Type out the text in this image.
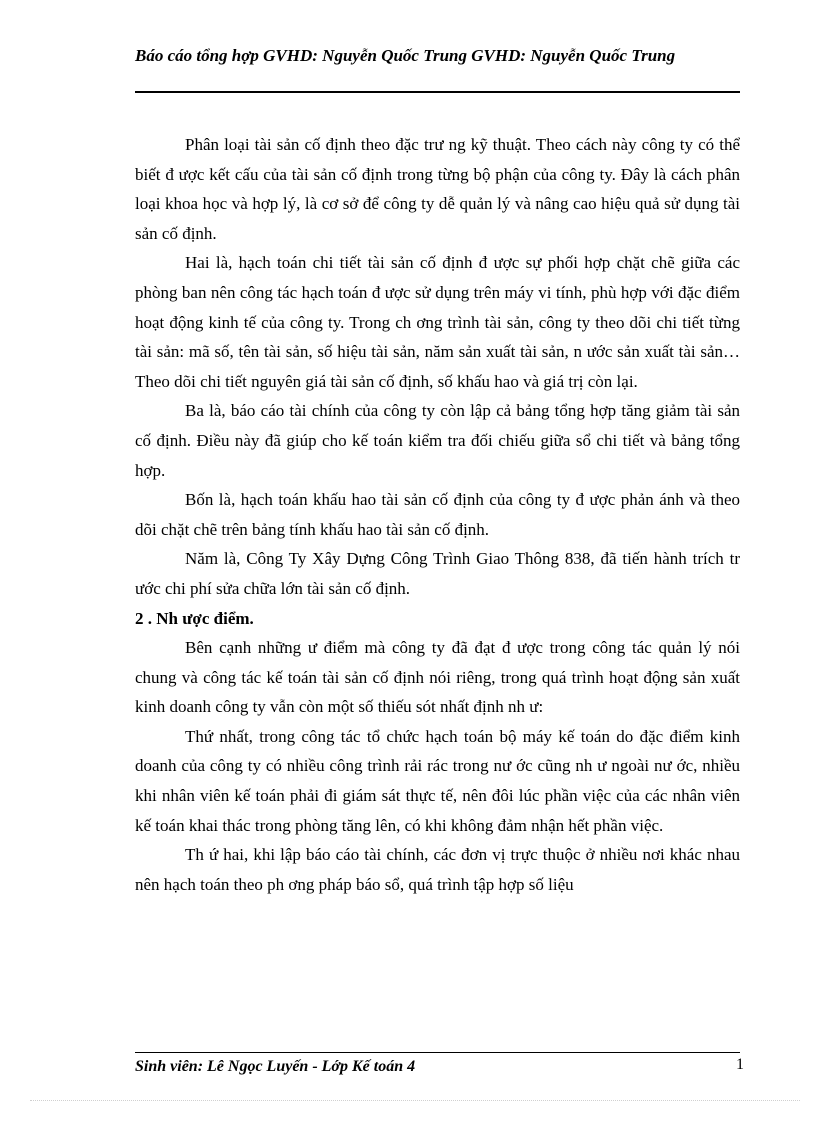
Báo cáo tổng hợp GVHD: Nguyễn Quốc Trung GVHD: Nguyễn Quốc Trung

Phân loại tài sản cố định theo đặc trư ng kỹ thuật. Theo cách này công ty có thể biết đ ược kết cấu của tài sản cố định trong từng bộ phận của công ty. Đây là cách phân loại khoa học và hợp lý, là cơ sở để công ty dễ quản lý và nâng cao hiệu quả sử dụng tài sản cố định.

Hai là, hạch toán chi tiết tài sản cố định đ ược sự phối hợp chặt chẽ giữa các phòng ban nên công tác hạch toán đ ược sử dụng trên máy vi tính, phù hợp với đặc điểm hoạt động kinh tế của công ty. Trong ch ơng trình tài sản, công ty theo dõi chi tiết từng tài sản: mã số, tên tài sản, số hiệu tài sản, năm sản xuất tài sản, n ước sản xuất tài sản…Theo dõi chi tiết nguyên giá tài sản cố định, số khấu hao và giá trị còn lại.

Ba là, báo cáo tài chính của công ty còn lập cả bảng tổng hợp tăng giảm tài sản cố định. Điều này đã giúp cho kế toán kiểm tra đối chiếu giữa sổ chi tiết và bảng tổng hợp.

Bốn là, hạch toán khấu hao tài sản cố định của công ty đ ược phản ánh và theo dõi chặt chẽ trên bảng tính khấu hao tài sản cố định.

Năm là, Công Ty Xây Dựng Công Trình Giao Thông 838, đã tiến hành trích tr ước chi phí sửa chữa lớn tài sản cố định.

2 . Nh ược điểm.

Bên cạnh những ư điểm mà công ty đã đạt đ ược trong công tác quản lý nói chung và công tác kế toán tài sản cố định nói riêng, trong quá trình hoạt động sản xuất kinh doanh công ty vẫn còn một số thiếu sót nhất định nh ư:

Thứ nhất, trong công tác tổ chức hạch toán bộ máy kế toán do đặc điểm kinh doanh của công ty có nhiều công trình rải rác trong nư ớc cũng nh ư ngoài nư ớc, nhiều khi nhân viên kế toán phải đi giám sát thực tế, nên đôi lúc phần việc của các nhân viên kế toán khai thác trong phòng tăng lên, có khi không đảm nhận hết phần việc.

Th ứ hai, khi lập báo cáo tài chính, các đơn vị trực thuộc ở nhiều nơi khác nhau nên hạch toán theo ph ơng pháp báo sổ, quá trình tập hợp số liệu

Sinh viên: Lê Ngọc Luyến - Lớp Kế toán 4	1
